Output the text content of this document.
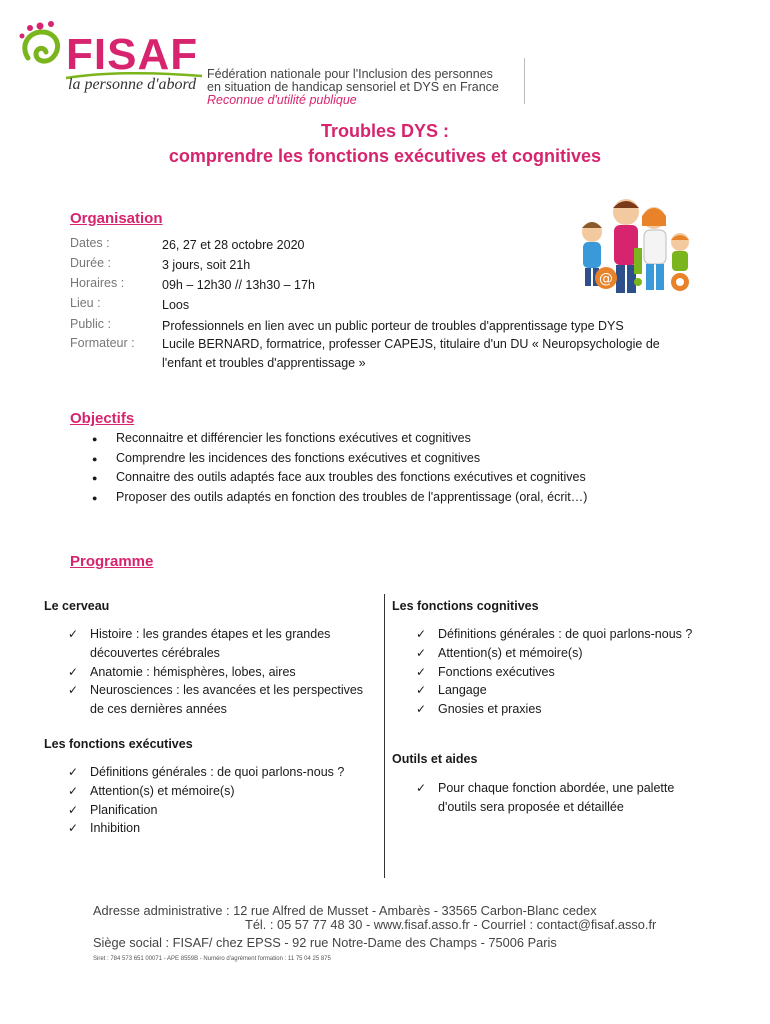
FISAF
la personne d'abord
Fédération nationale pour l'Inclusion des personnes
en situation de handicap sensoriel et DYS en France
Reconnue d'utilité publique
Troubles DYS :
comprendre les fonctions exécutives et cognitives
Organisation
Dates :	26, 27 et 28 octobre 2020
Durée :	3 jours, soit 21h
Horaires :	09h – 12h30 // 13h30 – 17h
Lieu :	Loos
Public :	Professionnels en lien avec un public porteur de troubles d'apprentissage type DYS
Formateur : Lucile BERNARD, formatrice, professer CAPEJS, titulaire d'un DU « Neuropsychologie de l'enfant et troubles d'apprentissage »
@
Objectifs
● Reconnaitre et différencier les fonctions exécutives et cognitives
● Comprendre les incidences des fonctions exécutives et cognitives
● Connaitre des outils adaptés face aux troubles des fonctions exécutives et cognitives
● Proposer des outils adaptés en fonction des troubles de l'apprentissage (oral, écrit…)
Programme
Le cerveau
✓ Histoire : les grandes étapes et les grandes découvertes cérébrales
✓ Anatomie : hémisphères, lobes, aires
✓ Neurosciences : les avancées et les perspectives de ces dernières années
Les fonctions exécutives
✓ Définitions générales : de quoi parlons-nous ?
✓ Attention(s) et mémoire(s)
✓ Planification
✓ Inhibition
Les fonctions cognitives
✓ Définitions générales : de quoi parlons-nous ?
✓ Attention(s) et mémoire(s)
✓ Fonctions exécutives
✓ Langage
✓ Gnosies et praxies
Outils et aides
✓ Pour chaque fonction abordée, une palette d'outils sera proposée et détaillée
Adresse administrative : 12 rue Alfred de Musset - Ambarès - 33565 Carbon-Blanc cedex
Tél. : 05 57 77 48 30 - www.fisaf.asso.fr - Courriel : contact@fisaf.asso.fr
Siège social : FISAF/ chez EPSS - 92 rue Notre-Dame des Champs - 75006 Paris
Siret : 784 573 651 00071 - APE 8559B - Numéro d'agrément formation : 11 75 04 25 875
